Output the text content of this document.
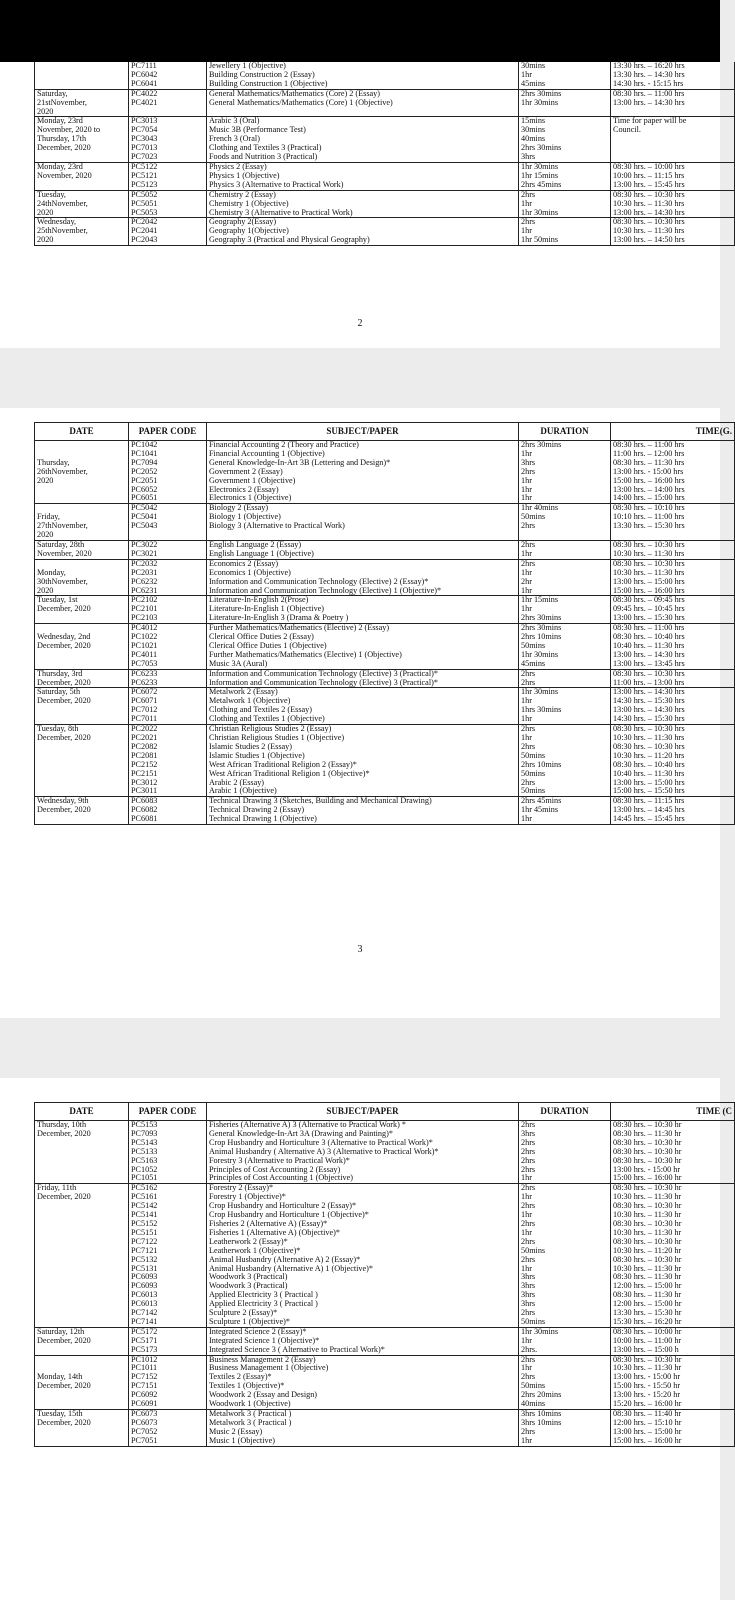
	PC7111	Jewellery 1 (Objective)	30mins	13:30 hrs. – 16:20 hrs
	PC6042	Building Construction 2 (Essay)	1hr	13:30 hrs. – 14:30 hrs
	PC6041	Building Construction 1 (Objective)	45mins	14:30 hrs. - 15:15 hrs
Saturday,	PC4022	General Mathematics/Mathematics (Core) 2 (Essay)	2hrs 30mins	08:30 hrs. – 11:00 hrs
21stNovember,	PC4021	General Mathematics/Mathematics (Core) 1 (Objective)	1hr 30mins	13:00 hrs. – 14:30 hrs
2020				
Monday, 23rd	PC3013	Arabic 3 (Oral)	15mins	Time for paper will be
November, 2020 to	PC7054	Music 3B (Performance Test)	30mins	Council.
Thursday, 17th	PC3043	French 3 (Oral)	40mins	
December, 2020	PC7013	Clothing and Textiles 3 (Practical)	2hrs 30mins	
	PC7023	Foods and Nutrition 3 (Practical)	3hrs	
Monday, 23rd	PC5122	Physics 2 (Essay)	1hr 30mins	08:30 hrs. – 10:00 hrs
November, 2020	PC5121	Physics 1 (Objective)	1hr 15mins	10:00 hrs. – 11:15 hrs
	PC5123	Physics 3 (Alternative to Practical Work)	2hrs 45mins	13:00 hrs. – 15:45 hrs
Tuesday,	PC5052	Chemistry 2 (Essay)	2hrs	08:30 hrs. – 10:30 hrs
24thNovember,	PC5051	Chemistry 1 (Objective)	1hr	10:30 hrs. – 11:30 hrs
2020	PC5053	Chemistry 3 (Alternative to Practical Work)	1hr 30mins	13:00 hrs. – 14:30 hrs
Wednesday,	PC2042	Geography 2(Essay)	2hrs	08:30 hrs. – 10:30 hrs
25thNovember,	PC2041	Geography 1(Objective)	1hr	10:30 hrs. – 11:30 hrs
2020	PC2043	Geography 3 (Practical and Physical Geography)	1hr 50mins	13:00 hrs. – 14:50 hrs
2
DATE	PAPER CODE	SUBJECT/PAPER	DURATION	TIME(G.
	PC1042	Financial Accounting 2 (Theory and Practice)	2hrs 30mins	08:30 hrs. – 11:00 hrs
	PC1041	Financial Accounting 1 (Objective)	1hr	11:00 hrs. – 12:00 hrs
Thursday,	PC7094	General Knowledge-In-Art 3B (Lettering and Design)*	3hrs	08:30 hrs. – 11:30 hrs
26thNovember,	PC2052	Government 2 (Essay)	2hrs	13:00 hrs. - 15:00 hrs
2020	PC2051	Government 1 (Objective)	1hr	15:00 hrs. – 16:00 hrs
	PC6052	Electronics 2 (Essay)	1hr	13:00 hrs. – 14:00 hrs
	PC6051	Electronics 1 (Objective)	1hr	14:00 hrs. – 15:00 hrs
	PC5042	Biology 2 (Essay)	1hr 40mins	08:30 hrs. – 10:10 hrs
Friday,	PC5041	Biology 1 (Objective)	50mins	10:10 hrs. – 11:00 hrs
27thNovember,	PC5043	Biology 3 (Alternative to Practical Work)	2hrs	13:30 hrs. – 15:30 hrs
2020				
Saturday, 28th	PC3022	English Language 2 (Essay)	2hrs	08:30 hrs. – 10:30 hrs
November, 2020	PC3021	English Language 1 (Objective)	1hr	10:30 hrs. – 11:30 hrs
	PC2032	Economics 2 (Essay)	2hrs	08:30 hrs. – 10:30 hrs
Monday,	PC2031	Economics 1 (Objective)	1hr	10:30 hrs. – 11:30 hrs
30thNovember,	PC6232	Information and Communication Technology (Elective) 2 (Essay)*	2hr	13:00 hrs. – 15:00 hrs
2020	PC6231	Information and Communication Technology (Elective) 1 (Objective)*	1hr	15:00 hrs. – 16:00 hrs

Tuesday, 1st	PC2102	Literature-In-English 2(Prose)	1hr 15mins	08:30 hrs. – 09:45 hrs
December, 2020	PC2101	Literature-In-English 1 (Objective)	1hr	09:45 hrs. – 10:45 hrs
	PC2103	Literature-In-English 3 (Drama & Poetry )	2hrs 30mins	13:00 hrs. – 15:30 hrs
	PC4012	Further Mathematics/Mathematics (Elective) 2 (Essay)	2hrs 30mins	08:30 hrs. – 11:00 hrs
Wednesday, 2nd	PC1022	Clerical Office Duties 2 (Essay)	2hrs 10mins	08:30 hrs. – 10:40 hrs
December, 2020	PC1021	Clerical Office Duties 1 (Objective)	50mins	10:40 hrs. – 11:30 hrs
	PC4011	Further Mathematics/Mathematics (Elective) 1 (Objective)	1hr 30mins	13:00 hrs. – 14:30 hrs
	PC7053	Music 3A (Aural)	45mins	13:00 hrs. – 13:45 hrs
Thursday, 3rd	PC6233	Information and Communication Technology (Elective) 3 (Practical)*	2hrs	08:30 hrs. – 10:30 hrs
December, 2020	PC6233	Information and Communication Technology (Elective) 3 (Practical)*	2hrs	11:00 hrs. – 13:00 hrs
Saturday, 5th	PC6072	Metalwork 2 (Essay)	1hr 30mins	13:00 hrs. – 14:30 hrs
December, 2020	PC6071	Metalwork 1 (Objective)	1hr	14:30 hrs. – 15:30 hrs
	PC7012	Clothing and Textiles 2 (Essay)	1hrs 30mins	13:00 hrs. – 14:30 hrs
	PC7011	Clothing and Textiles 1 (Objective)	1hr	14:30 hrs. – 15:30 hrs
Tuesday, 8th	PC2022	Christian Religious Studies 2 (Essay)	2hrs	08:30 hrs. – 10:30 hrs
December, 2020	PC2021	Christian Religious Studies 1 (Objective)	1hr	10:30 hrs. – 11:30 hrs
	PC2082	Islamic Studies 2 (Essay)	2hrs	08:30 hrs. – 10:30 hrs
	PC2081	Islamic Studies 1 (Objective)	50mins	10:30 hrs. – 11:20 hrs
	PC2152	West African Traditional Religion 2 (Essay)*	2hrs 10mins	08:30 hrs. – 10:40 hrs
	PC2151	West African Traditional Religion 1 (Objective)*	50mins	10:40 hrs. – 11:30 hrs
	PC3012	Arabic 2 (Essay)	2hrs	13:00 hrs. – 15:00 hrs
	PC3011	Arabic 1 (Objective)	50mins	15:00 hrs. – 15:50 hrs
Wednesday, 9th	PC6083	Technical Drawing 3 (Sketches, Building and Mechanical Drawing)	2hrs 45mins	08:30 hrs. – 11:15 hrs
December, 2020	PC6082	Technical Drawing 2 (Essay)	1hr 45mins	13:00 hrs. – 14:45 hrs
	PC6081	Technical Drawing 1 (Objective)	1hr	14:45 hrs. – 15:45 hrs
3
DATE	PAPER CODE	SUBJECT/PAPER	DURATION	TIME (C
Thursday, 10th	PC5153	Fisheries (Alternative A) 3 (Alternative to Practical Work) *	2hrs	08:30 hrs. – 10:30 hr
December, 2020	PC7093	General Knowledge-In-Art 3A (Drawing and Painting)*	3hrs	08:30 hrs. – 11:30 hr
	PC5143	Crop Husbandry and Horticulture 3 (Alternative to Practical Work)*	2hrs	08:30 hrs. – 10:30 hr
	PC5133	Animal Husbandry ( Alternative A) 3 (Alternative to Practical Work)*	2hrs	08:30 hrs. – 10:30 hr
	PC5163	Forestry 3 (Alternative to Practical Work)*	2hrs	08:30 hrs. – 10:30 hr
	PC1052	Principles of Cost Accounting 2 (Essay)	2hrs	13:00 hrs. - 15:00 hr
	PC1051	Principles of Cost Accounting 1 (Objective)	1hr	15:00 hrs. – 16:00 hr
Friday, 11th	PC5162	Forestry 2 (Essay)*	2hrs	08:30 hrs. – 10:30 hr
December, 2020	PC5161	Forestry 1 (Objective)*	1hr	10:30 hrs. – 11:30 hr
	PC5142	Crop Husbandry and Horticulture 2 (Essay)*	2hrs	08:30 hrs. – 10:30 hr
	PC5141	Crop Husbandry and Horticulture 1 (Objective)*	1hr	10:30 hrs. – 11:30 hr
	PC5152	Fisheries 2 (Alternative A) (Essay)*	2hrs	08:30 hrs. – 10:30 hr
	PC5151	Fisheries 1 (Alternative A) (Objective)*	1hr	10:30 hrs. – 11:30 hr
	PC7122	Leatherwork 2 (Essay)*	2hrs	08:30 hrs. – 10:30 hr
	PC7121	Leatherwork 1 (Objective)*	50mins	10:30 hrs. – 11:20 hr
	PC5132	Animal Husbandry (Alternative A) 2 (Essay)*	2hrs	08:30 hrs. – 10:30 hr
	PC5131	Animal Husbandry (Alternative A) 1 (Objective)*	1hr	10:30 hrs. – 11:30 hr
	PC6093	Woodwork 3 (Practical)	3hrs	08:30 hrs. – 11:30 hr
	PC6093	Woodwork 3 (Practical)	3hrs	12:00 hrs. – 15:00 hr
	PC6013	Applied Electricity 3 ( Practical )	3hrs	08:30 hrs. – 11:30 hr
	PC6013	Applied Electricity 3 ( Practical )	3hrs	12:00 hrs. – 15:00 hr
	PC7142	Sculpture 2 (Essay)*	2hrs	13:30 hrs. – 15:30 hr
	PC7141	Sculpture 1 (Objective)*	50mins	15:30 hrs. – 16:20 hr
Saturday, 12th	PC5172	Integrated Science 2 (Essay)*	1hr 30mins	08:30 hrs. – 10:00 hr
December, 2020	PC5171	Integrated Science 1 (Objective)*	1hr	10:00 hrs. – 11:00 hr
	PC5173	Integrated Science 3 ( Alternative to Practical Work)*	2hrs.	13:00 hrs. – 15:00 h
	PC1012	Business Management 2 (Essay)	2hrs	08:30 hrs. – 10:30 hr
	PC1011	Business Management 1 (Objective)	1hr	10:30 hrs. – 11:30 hr
Monday, 14th	PC7152	Textiles 2 (Essay)*	2hrs	13:00 hrs. - 15:00 hr
December, 2020	PC7151	Textiles 1 (Objective)*	50mins	15:00 hrs. - 15:50 hr
	PC6092	Woodwork 2 (Essay and Design)	2hrs 20mins	13:00 hrs. - 15:20 hr
	PC6091	Woodwork 1 (Objective)	40mins	15:20 hrs. – 16:00 hr
Tuesday, 15th	PC6073	Metalwork 3 ( Practical )	3hrs 10mins	08:30 hrs. – 11:40 hr
December, 2020	PC6073	Metalwork 3 ( Practical )	3hrs 10mins	12:00 hrs. – 15:10 hr
	PC7052	Music 2 (Essay)	2hrs	13:00 hrs. – 15:00 hr
	PC7051	Music 1 (Objective)	1hr	15:00 hrs. – 16:00 hr
